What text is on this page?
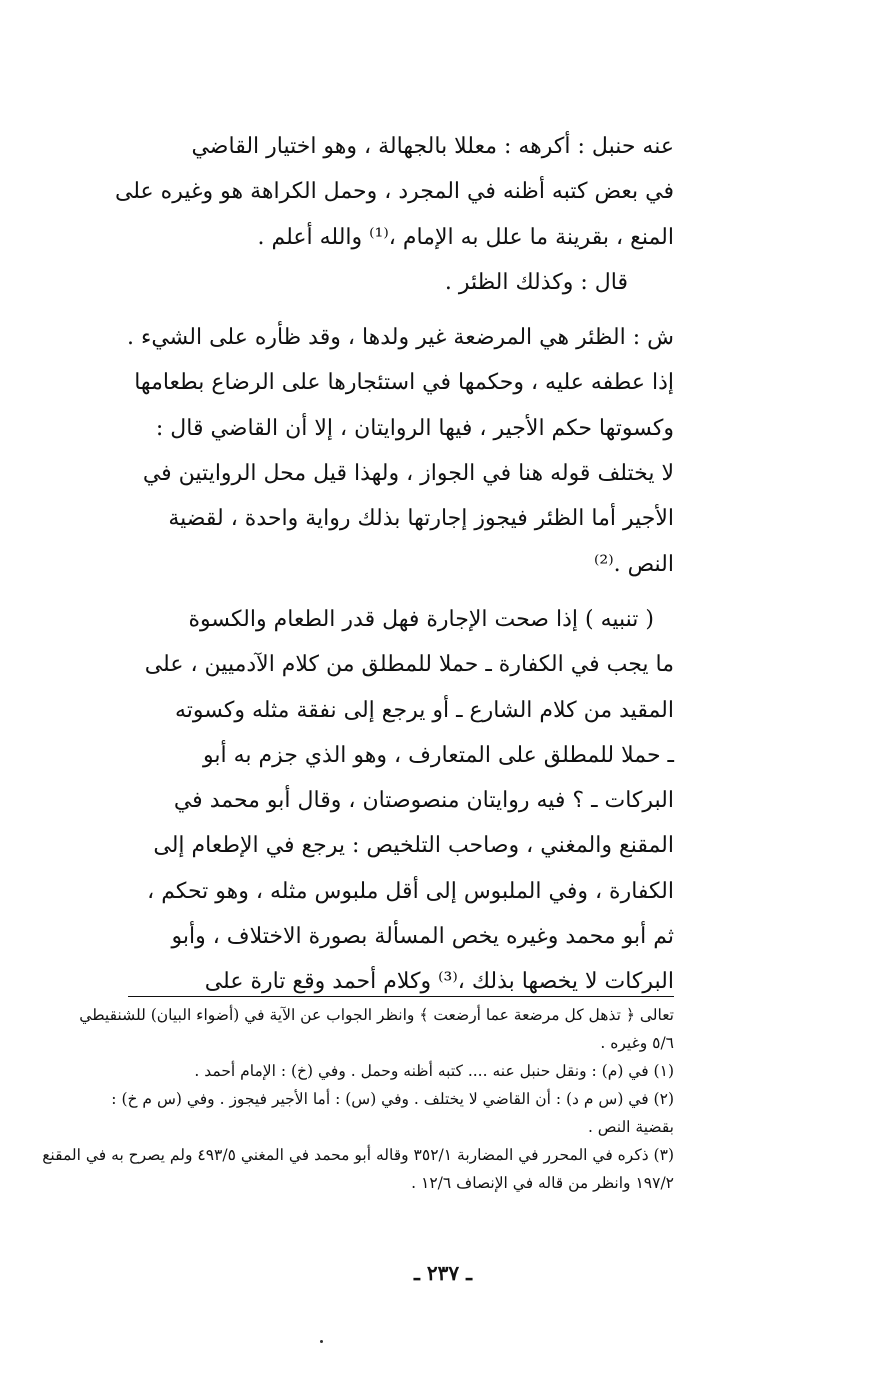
عنه حنبل : أكرهه : معللا بالجهالة ، وهو اختيار القاضي
في بعض كتبه أظنه في المجرد ، وحمل الكراهة هو وغيره على
المنع ، بقرينة ما علل به الإمام ،⁽¹⁾ والله أعلم .
قال : وكذلك الظئر .
ش : الظئر هي المرضعة غير ولدها ، وقد ظأره على الشيء .
إذا عطفه عليه ، وحكمها في استئجارها على الرضاع بطعامها
وكسوتها حكم الأجير ، فيها الروايتان ، إلا أن القاضي قال :
لا يختلف قوله هنا في الجواز ، ولهذا قيل محل الروايتين في
الأجير أما الظئر فيجوز إجارتها بذلك رواية واحدة ، لقضية
النص .⁽²⁾
( تنبيه ) إذا صحت الإجارة فهل قدر الطعام والكسوة
ما يجب في الكفارة ـ حملا للمطلق من كلام الآدميين ، على
المقيد من كلام الشارع ـ أو يرجع إلى نفقة مثله وكسوته
ـ حملا للمطلق على المتعارف ، وهو الذي جزم به أبو
البركات ـ ؟ فيه روايتان منصوصتان ، وقال أبو محمد في
المقنع والمغني ، وصاحب التلخيص : يرجع في الإطعام إلى
الكفارة ، وفي الملبوس إلى أقل ملبوس مثله ، وهو تحكم ،
ثم أبو محمد وغيره يخص المسألة بصورة الاختلاف ، وأبو
البركات لا يخصها بذلك ،⁽³⁾ وكلام أحمد وقع تارة على
تعالى ﴿ تذهل كل مرضعة عما أرضعت ﴾ وانظر الجواب عن الآية في (أضواء البيان) للشنقيطي
٥/٦ وغيره .
(١) في (م) : ونقل حنبل عنه .... كتبه أظنه وحمل . وفي (خ) : الإمام أحمد .
(٢) في (س م د) : أن القاضي لا يختلف . وفي (س) : أما الأجير فيجوز . وفي (س م خ) :
بقضية النص .
(٣) ذكره في المحرر في المضاربة ٣٥٢/١ وقاله أبو محمد في المغني ٤٩٣/٥ ولم يصرح به في المقنع
١٩٧/٢ وانظر من قاله في الإنصاف ١٢/٦ .
ـ ٢٣٧ ـ
